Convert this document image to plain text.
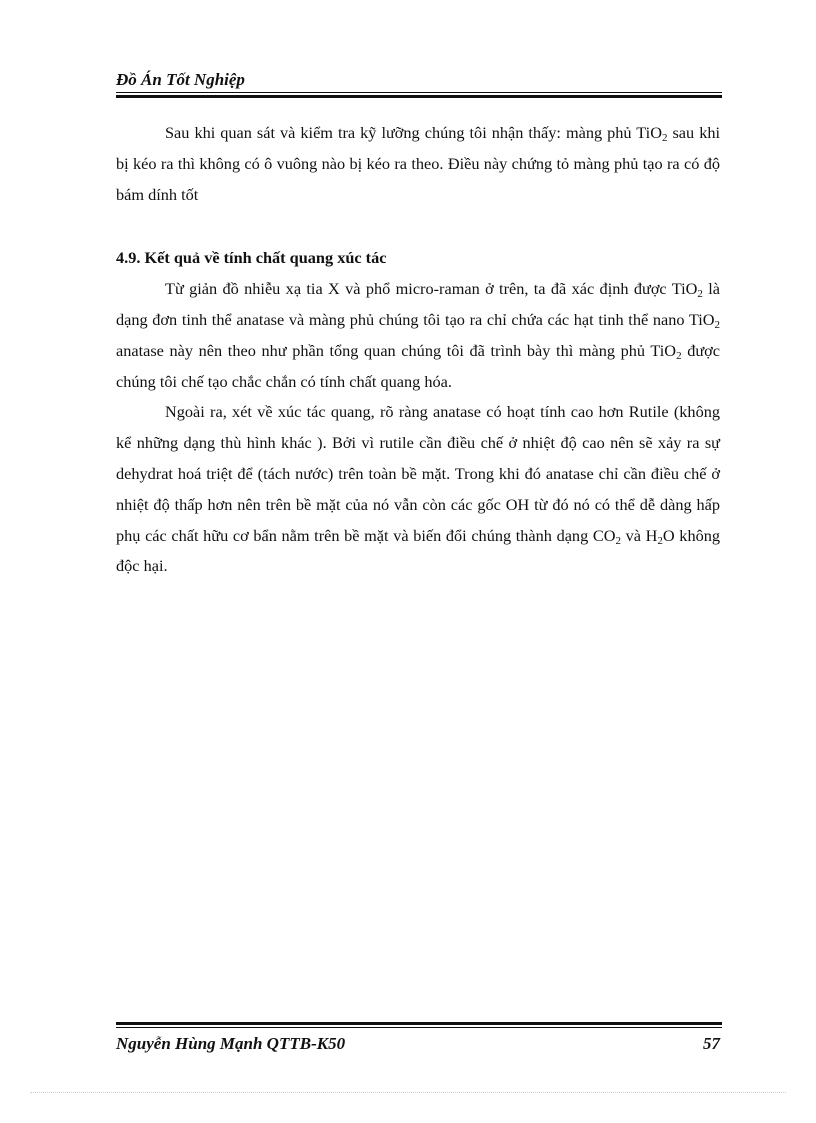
Đồ Án Tốt Nghiệp

Sau khi quan sát và kiểm tra kỹ lưỡng chúng tôi nhận thấy: màng phủ TiO$_2$ sau khi bị kéo ra thì không có ô vuông nào bị kéo ra theo. Điều này chứng tỏ màng phủ tạo ra có độ bám dính tốt

4.9. Kết quả về tính chất quang xúc tác

Từ giản đồ nhiễu xạ tia X và phổ micro-raman ở trên, ta đã xác định được TiO$_2$ là dạng đơn tinh thể anatase và màng phủ chúng tôi tạo ra chỉ chứa các hạt tinh thể nano TiO$_2$ anatase này nên theo như phần tổng quan chúng tôi đã trình bày thì màng phủ TiO$_2$ được chúng tôi chế tạo chắc chắn có tính chất quang hóa.

Ngoài ra, xét về xúc tác quang, rõ ràng anatase có hoạt tính cao hơn Rutile (không kể những dạng thù hình khác ). Bởi vì rutile cần điều chế ở nhiệt độ cao nên sẽ xảy ra sự dehydrat hoá triệt để (tách nước) trên toàn bề mặt. Trong khi đó anatase chỉ cần điều chế ở nhiệt độ thấp hơn nên trên bề mặt của nó vẫn còn các gốc OH từ đó nó có thể dễ dàng hấp phụ các chất hữu cơ bẩn nằm trên bề mặt và biến đổi chúng thành dạng $CO_2$ và $H_2O$ không độc hại.

Nguyễn Hùng Mạnh QTTB-K50	57
